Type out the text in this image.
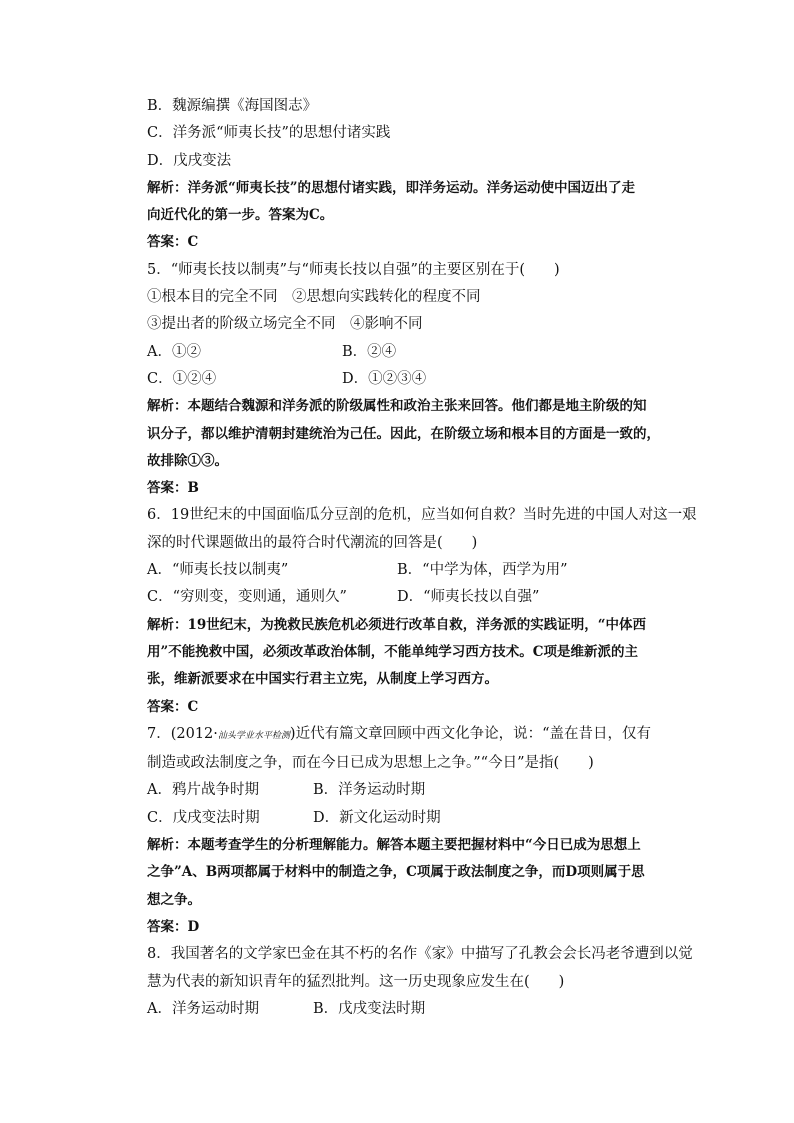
B．魏源编撰《海国图志》

C．洋务派“师夷长技”的思想付诸实践

D．戊戌变法

解析：洋务派“师夷长技”的思想付诸实践，即洋务运动。洋务运动使中国迈出了走

向近代化的第一步。答案为C。

答案：C

5．“师夷长技以制夷”与“师夷长技以自强”的主要区别在于(　　)

①根本目的完全不同　②思想向实践转化的程度不同

③提出者的阶级立场完全不同　④影响不同

A．①②	B．②④
C．①②④	D．①②③④

解析：本题结合魏源和洋务派的阶级属性和政治主张来回答。他们都是地主阶级的知

识分子，都以维护清朝封建统治为己任。因此，在阶级立场和根本目的方面是一致的，

故排除①③。

答案：B

6．19世纪末的中国面临瓜分豆剖的危机，应当如何自救？当时先进的中国人对这一艰

深的时代课题做出的最符合时代潮流的回答是(　　)

A．“师夷长技以制夷”	B．“中学为体，西学为用”
C．“穷则变，变则通，通则久”	D．“师夷长技以自强”

解析：19世纪末，为挽救民族危机必须进行改革自救，洋务派的实践证明，“中体西

用”不能挽救中国，必须改革政治体制，不能单纯学习西方技术。C项是维新派的主

张，维新派要求在中国实行君主立宪，从制度上学习西方。

答案：C

7．(2012·汕头学业水平检测)近代有篇文章回顾中西文化争论，说：“盖在昔日，仅有

制造或政法制度之争，而在今日已成为思想上之争。”“今日”是指(　　)

A．鸦片战争时期	B．洋务运动时期
C．戊戌变法时期	D．新文化运动时期

解析：本题考查学生的分析理解能力。解答本题主要把握材料中“今日已成为思想上

之争”A、B两项都属于材料中的制造之争，C项属于政法制度之争，而D项则属于思

想之争。

答案：D

8．我国著名的文学家巴金在其不朽的名作《家》中描写了孔教会会长冯老爷遭到以觉

慧为代表的新知识青年的猛烈批判。这一历史现象应发生在(　　)

A．洋务运动时期	B．戊戌变法时期
